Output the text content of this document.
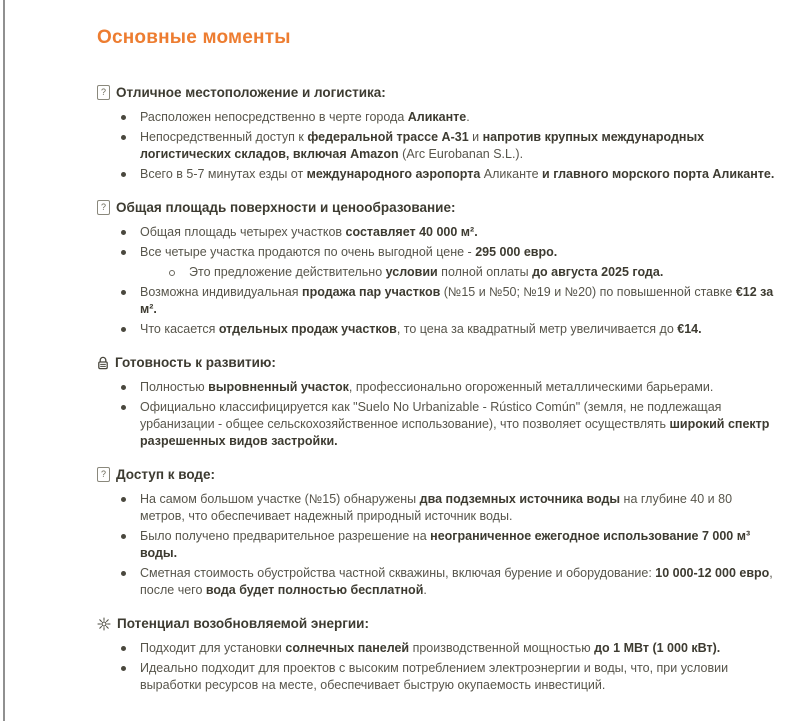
Основные моменты
? Отличное местоположение и логистика:
Расположен непосредственно в черте города Аликанте.
Непосредственный доступ к федеральной трассе A-31 и напротив крупных международных логистических складов, включая Amazon (Arc Eurobanan S.L.).
Всего в 5-7 минутах езды от международного аэропорта Аликанте и главного морского порта Аликанте.
? Общая площадь поверхности и ценообразование:
Общая площадь четырех участков составляет 40 000 м².
Все четыре участка продаются по очень выгодной цене - 295 000 евро.
Это предложение действительно условии полной оплаты до августа 2025 года.
Возможна индивидуальная продажа пар участков (№15 и №50; №19 и №20) по повышенной ставке €12 за м².
Что касается отдельных продаж участков, то цена за квадратный метр увеличивается до €14.
Готовность к развитию:
Полностью выровненный участок, профессионально огороженный металлическими барьерами.
Официально классифицируется как "Suelo No Urbanizable - Rústico Común" (земля, не подлежащая урбанизации - общее сельскохозяйственное использование), что позволяет осуществлять широкий спектр разрешенных видов застройки.
? Доступ к воде:
На самом большом участке (№15) обнаружены два подземных источника воды на глубине 40 и 80 метров, что обеспечивает надежный природный источник воды.
Было получено предварительное разрешение на неограниченное ежегодное использование 7 000 м³ воды.
Сметная стоимость обустройства частной скважины, включая бурение и оборудование: 10 000-12 000 евро, после чего вода будет полностью бесплатной.
Потенциал возобновляемой энергии:
Подходит для установки солнечных панелей производственной мощностью до 1 МВт (1 000 кВт).
Идеально подходит для проектов с высоким потреблением электроэнергии и воды, что, при условии выработки ресурсов на месте, обеспечивает быструю окупаемость инвестиций.
